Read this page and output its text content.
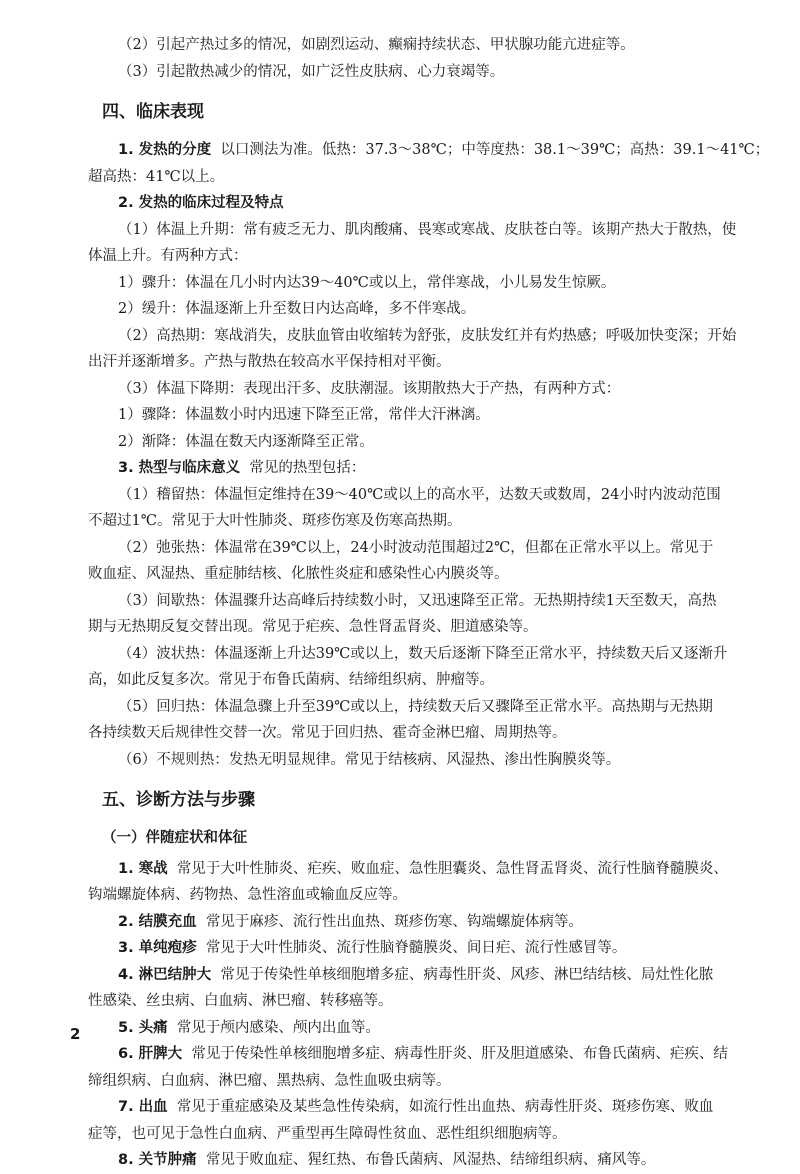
（2）引起产热过多的情况，如剧烈运动、癫痫持续状态、甲状腺功能亢进症等。

（3）引起散热减少的情况，如广泛性皮肤病、心力衰竭等。

四、临床表现

1. 发热的分度 以口测法为准。低热：37.3～38℃；中等度热：38.1～39℃；高热：39.1～41℃；

超高热：41℃以上。

2. 发热的临床过程及特点

（1）体温上升期：常有疲乏无力、肌肉酸痛、畏寒或寒战、皮肤苍白等。该期产热大于散热，使

体温上升。有两种方式：

1）骤升：体温在几小时内达39～40℃或以上，常伴寒战，小儿易发生惊厥。

2）缓升：体温逐渐上升至数日内达高峰，多不伴寒战。

（2）高热期：寒战消失，皮肤血管由收缩转为舒张，皮肤发红并有灼热感；呼吸加快变深；开始

出汗并逐渐增多。产热与散热在较高水平保持相对平衡。

（3）体温下降期：表现出汗多、皮肤潮湿。该期散热大于产热，有两种方式：

1）骤降：体温数小时内迅速下降至正常，常伴大汗淋漓。

2）渐降：体温在数天内逐渐降至正常。

3. 热型与临床意义 常见的热型包括：

（1）稽留热：体温恒定维持在39～40℃或以上的高水平，达数天或数周，24小时内波动范围

不超过1℃。常见于大叶性肺炎、斑疹伤寒及伤寒高热期。

（2）弛张热：体温常在39℃以上，24小时波动范围超过2℃，但都在正常水平以上。常见于

败血症、风湿热、重症肺结核、化脓性炎症和感染性心内膜炎等。

（3）间歇热：体温骤升达高峰后持续数小时，又迅速降至正常。无热期持续1天至数天，高热

期与无热期反复交替出现。常见于疟疾、急性肾盂肾炎、胆道感染等。

（4）波状热：体温逐渐上升达39℃或以上，数天后逐渐下降至正常水平，持续数天后又逐渐升

高，如此反复多次。常见于布鲁氏菌病、结缔组织病、肿瘤等。

（5）回归热：体温急骤上升至39℃或以上，持续数天后又骤降至正常水平。高热期与无热期

各持续数天后规律性交替一次。常见于回归热、霍奇金淋巴瘤、周期热等。

（6）不规则热：发热无明显规律。常见于结核病、风湿热、渗出性胸膜炎等。

五、诊断方法与步骤
（一）伴随症状和体征

1. 寒战 常见于大叶性肺炎、疟疾、败血症、急性胆囊炎、急性肾盂肾炎、流行性脑脊髓膜炎、

钩端螺旋体病、药物热、急性溶血或输血反应等。

2. 结膜充血 常见于麻疹、流行性出血热、斑疹伤寒、钩端螺旋体病等。

3. 单纯疱疹 常见于大叶性肺炎、流行性脑脊髓膜炎、间日疟、流行性感冒等。

4. 淋巴结肿大 常见于传染性单核细胞增多症、病毒性肝炎、风疹、淋巴结结核、局灶性化脓

性感染、丝虫病、白血病、淋巴瘤、转移癌等。

5. 头痛 常见于颅内感染、颅内出血等。

6. 肝脾大 常见于传染性单核细胞增多症、病毒性肝炎、肝及胆道感染、布鲁氏菌病、疟疾、结

缔组织病、白血病、淋巴瘤、黑热病、急性血吸虫病等。

7. 出血 常见于重症感染及某些急性传染病，如流行性出血热、病毒性肝炎、斑疹伤寒、败血

症等，也可见于急性白血病、严重型再生障碍性贫血、恶性组织细胞病等。

8. 关节肿痛 常见于败血症、猩红热、布鲁氏菌病、风湿热、结缔组织病、痛风等。

2
